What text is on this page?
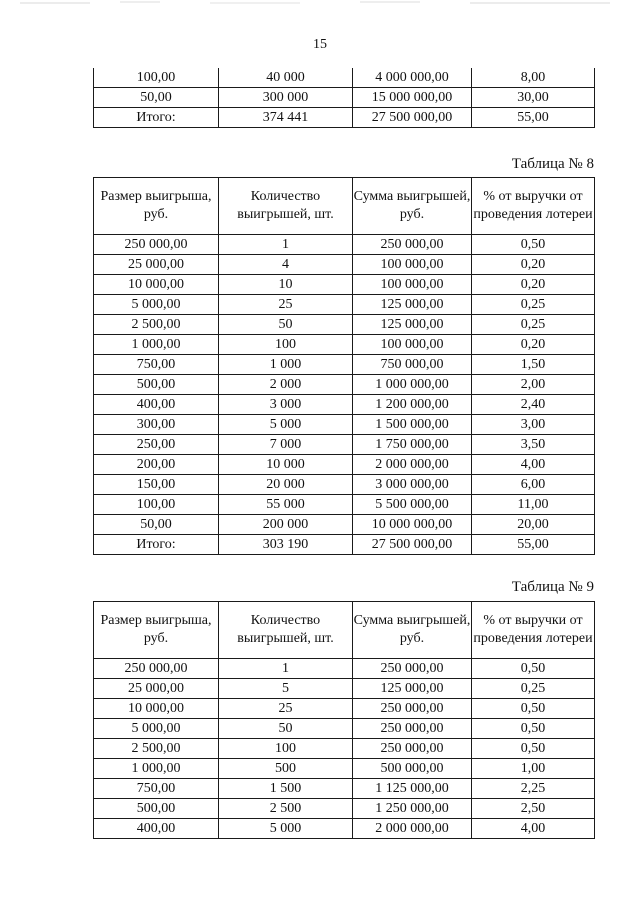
15
100,00	40 000	4 000 000,00	8,00
50,00	300 000	15 000 000,00	30,00
Итого:	374 441	27 500 000,00	55,00
Таблица № 8
Размер выигрыша, руб.	Количество выигрышей, шт.	Сумма выигрышей, руб.	% от выручки от проведения лотереи
250 000,00	1	250 000,00	0,50
25 000,00	4	100 000,00	0,20
10 000,00	10	100 000,00	0,20
5 000,00	25	125 000,00	0,25
2 500,00	50	125 000,00	0,25
1 000,00	100	100 000,00	0,20
750,00	1 000	750 000,00	1,50
500,00	2 000	1 000 000,00	2,00
400,00	3 000	1 200 000,00	2,40
300,00	5 000	1 500 000,00	3,00
250,00	7 000	1 750 000,00	3,50
200,00	10 000	2 000 000,00	4,00
150,00	20 000	3 000 000,00	6,00
100,00	55 000	5 500 000,00	11,00
50,00	200 000	10 000 000,00	20,00
Итого:	303 190	27 500 000,00	55,00
Таблица № 9
Размер выигрыша, руб.	Количество выигрышей, шт.	Сумма выигрышей, руб.	% от выручки от проведения лотереи
250 000,00	1	250 000,00	0,50
25 000,00	5	125 000,00	0,25
10 000,00	25	250 000,00	0,50
5 000,00	50	250 000,00	0,50
2 500,00	100	250 000,00	0,50
1 000,00	500	500 000,00	1,00
750,00	1 500	1 125 000,00	2,25
500,00	2 500	1 250 000,00	2,50
400,00	5 000	2 000 000,00	4,00
